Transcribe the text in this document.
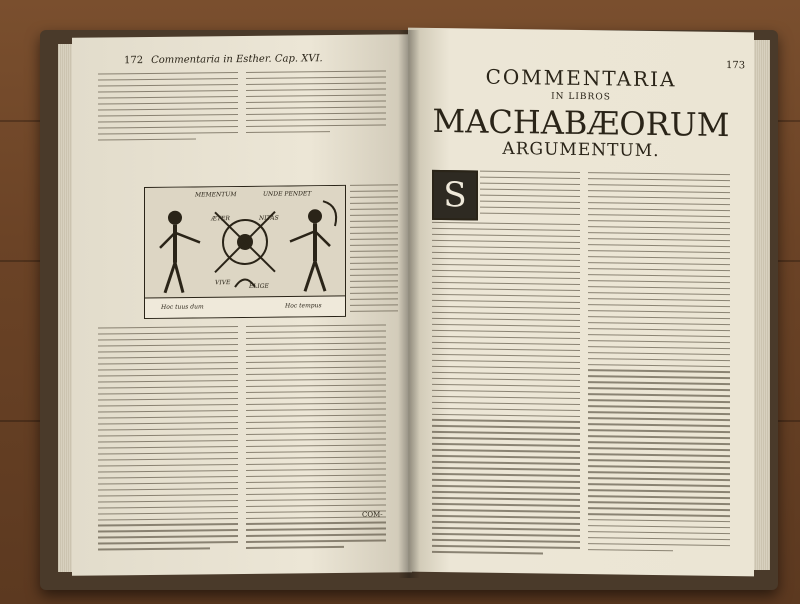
172 Commentaria in Esther. Cap. XVI.
MEMENTUM	UNDE PENDET
ÆTER	NITAS
VIVE
ELIGE
Hoc tuus dum	Hoc tempus
COM-
173
COMMENTARIA
IN LIBROS
MACHABÆORUM
ARGUMENTUM.
S
